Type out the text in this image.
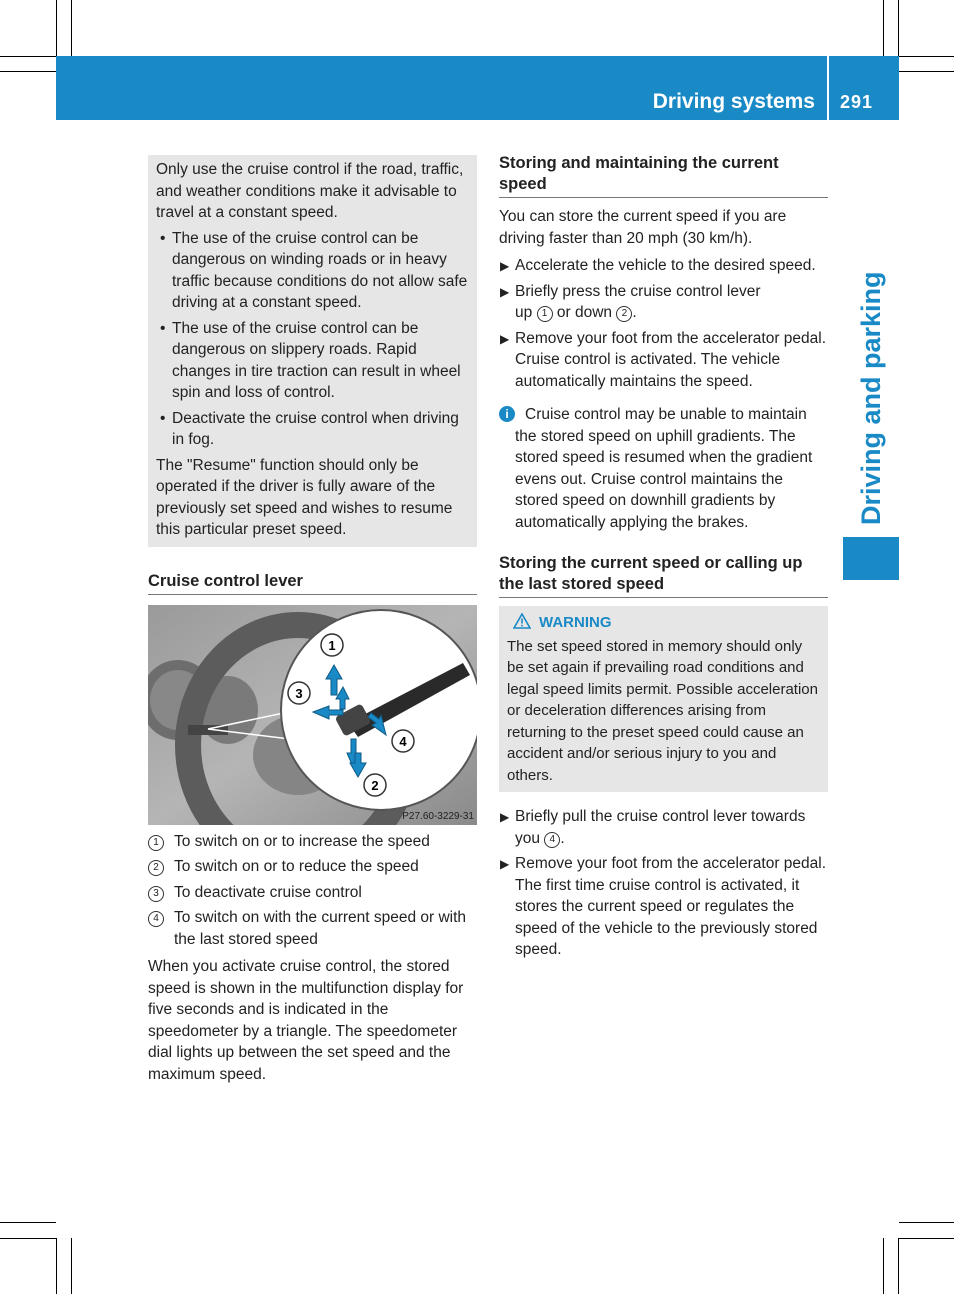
Driving systems 291
Driving and parking

Only use the cruise control if the road, traffic, and weather conditions make it advisable to travel at a constant speed.

• The use of the cruise control can be dangerous on winding roads or in heavy traffic because conditions do not allow safe driving at a constant speed.
• The use of the cruise control can be dangerous on slippery roads. Rapid changes in tire traction can result in wheel spin and loss of control.
• Deactivate the cruise control when driving in fog.

The "Resume" function should only be operated if the driver is fully aware of the previously set speed and wishes to resume this particular preset speed.

Cruise control lever
1
3
4
2
P27.60-3229-31
1 To switch on or to increase the speed
2 To switch on or to reduce the speed
3 To deactivate cruise control
4 To switch on with the current speed or with the last stored speed

When you activate cruise control, the stored speed is shown in the multifunction display for five seconds and is indicated in the speedometer by a triangle. The speedometer dial lights up between the set speed and the maximum speed.

Storing and maintaining the current speed

You can store the current speed if you are driving faster than 20 mph (30 km/h).

▶ Accelerate the vehicle to the desired speed.
▶ Briefly press the cruise control lever
up 1 or down 2 .
▶ Remove your foot from the accelerator pedal.
Cruise control is activated. The vehicle automatically maintains the speed.
i	Cruise control may be unable to maintain the stored speed on uphill gradients. The stored speed is resumed when the gradient evens out. Cruise control maintains the stored speed on downhill gradients by automatically applying the brakes.
Storing the current speed or calling up the last stored speed
WARNING
The set speed stored in memory should only be set again if prevailing road conditions and legal speed limits permit. Possible acceleration or deceleration differences arising from returning to the preset speed could cause an accident and/or serious injury to you and others.
▶ Briefly pull the cruise control lever towards you 4 .
▶ Remove your foot from the accelerator pedal.
The first time cruise control is activated, it stores the current speed or regulates the speed of the vehicle to the previously stored speed.
